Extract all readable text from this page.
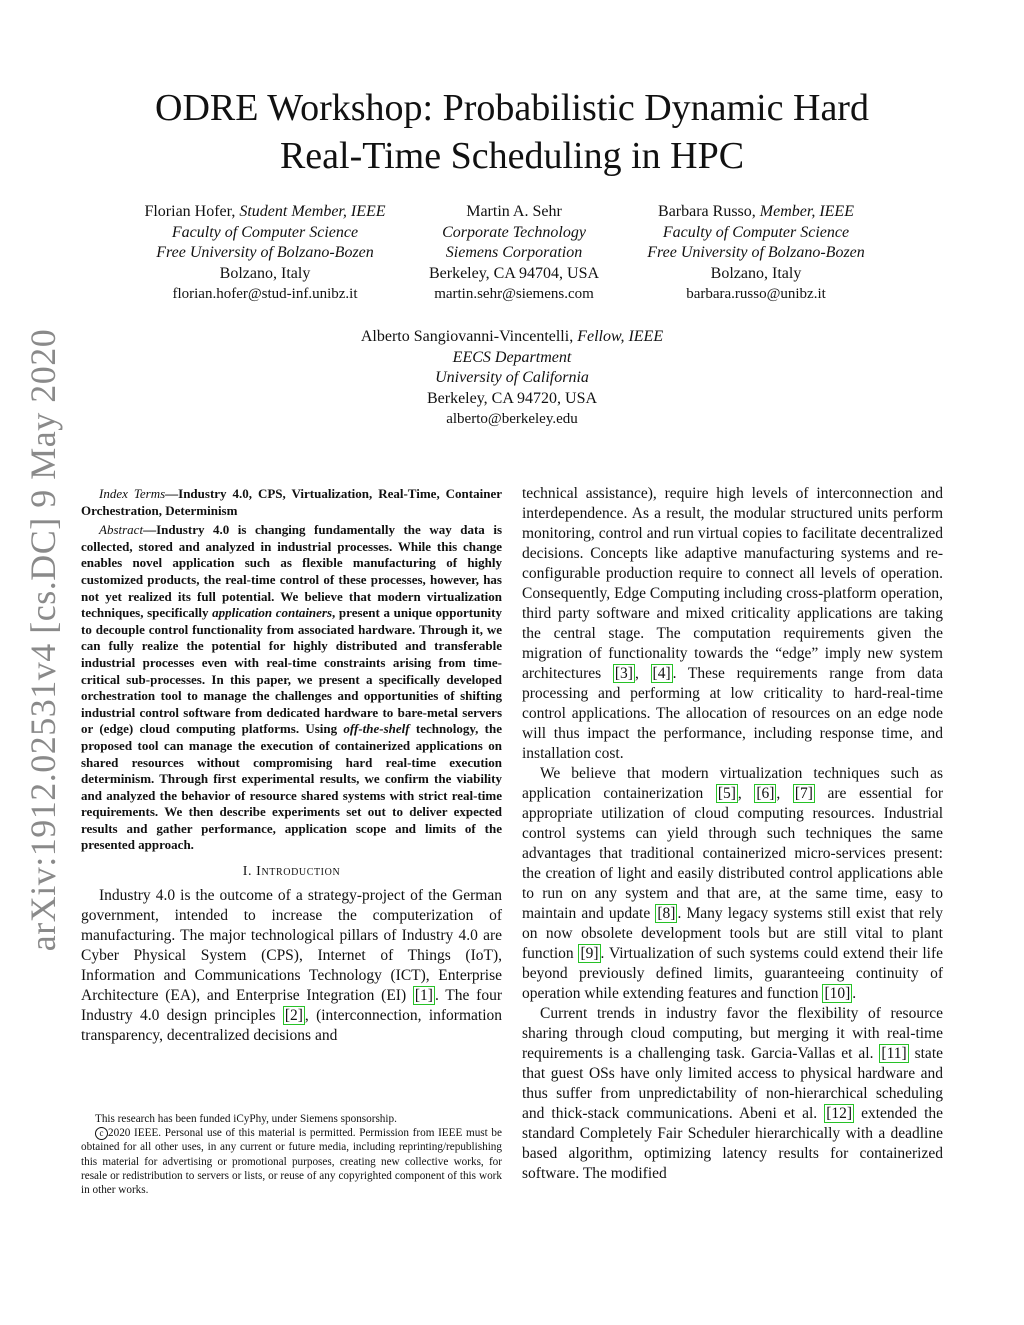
arXiv:1912.02531v4 [cs.DC] 9 May 2020
ODRE Workshop: Probabilistic Dynamic Hard
Real-Time Scheduling in HPC
Florian Hofer, Student Member, IEEE
Faculty of Computer Science
Free University of Bolzano-Bozen
Bolzano, Italy
florian.hofer@stud-inf.unibz.it
Martin A. Sehr
Corporate Technology
Siemens Corporation
Berkeley, CA 94704, USA
martin.sehr@siemens.com
Barbara Russo, Member, IEEE
Faculty of Computer Science
Free University of Bolzano-Bozen
Bolzano, Italy
barbara.russo@unibz.it
Alberto Sangiovanni-Vincentelli, Fellow, IEEE
EECS Department
University of California
Berkeley, CA 94720, USA
alberto@berkeley.edu

Index Terms—Industry 4.0, CPS, Virtualization, Real-Time, Container Orchestration, Determinism

Abstract—Industry 4.0 is changing fundamentally the way data is collected, stored and analyzed in industrial processes. While this change enables novel application such as flexible manufacturing of highly customized products, the real-time control of these processes, however, has not yet realized its full potential. We believe that modern virtualization techniques, specifically application containers, present a unique opportunity to decouple control functionality from associated hardware. Through it, we can fully realize the potential for highly distributed and transferable industrial processes even with real-time constraints arising from time-critical sub-processes. In this paper, we present a specifically developed orchestration tool to manage the challenges and opportunities of shifting industrial control software from dedicated hardware to bare-metal servers or (edge) cloud computing platforms. Using off-the-shelf technology, the proposed tool can manage the execution of containerized applications on shared resources without compromising hard real-time execution determinism. Through first experimental results, we confirm the viability and analyzed the behavior of resource shared systems with strict real-time requirements. We then describe experiments set out to deliver expected results and gather performance, application scope and limits of the presented approach.

I. Introduction

Industry 4.0 is the outcome of a strategy-project of the German government, intended to increase the computerization of manufacturing. The major technological pillars of Industry 4.0 are Cyber Physical System (CPS), Internet of Things (IoT), Information and Communications Technology (ICT), Enterprise Architecture (EA), and Enterprise Integration (EI) [1] . The four Industry 4.0 design principles [2] , (interconnection, information transparency, decentralized decisions and

This research has been funded iCyPhy, under Siemens sponsorship.

c 2020 IEEE. Personal use of this material is permitted. Permission from IEEE must be obtained for all other uses, in any current or future media, including reprinting/republishing this material for advertising or promotional purposes, creating new collective works, for resale or redistribution to servers or lists, or reuse of any copyrighted component of this work in other works.

technical assistance), require high levels of interconnection and interdependence. As a result, the modular structured units perform monitoring, control and run virtual copies to facilitate decentralized decisions. Concepts like adaptive manufacturing systems and re-configurable production require to connect all levels of operation. Consequently, Edge Computing including cross-platform operation, third party software and mixed criticality applications are taking the central stage. The computation requirements given the migration of functionality towards the “edge” imply new system architectures [3] , [4] . These requirements range from data processing and performing at low criticality to hard-real-time control applications. The allocation of resources on an edge node will thus impact the performance, including response time, and installation cost.

We believe that modern virtualization techniques such as application containerization [5] , [6] , [7] are essential for appropriate utilization of cloud computing resources. Industrial control systems can yield through such techniques the same advantages that traditional containerized micro-services present: the creation of light and easily distributed control applications able to run on any system and that are, at the same time, easy to maintain and update [8] . Many legacy systems still exist that rely on now obsolete development tools but are still vital to plant function [9] . Virtualization of such systems could extend their life beyond previously defined limits, guaranteeing continuity of operation while extending features and function [10] .

Current trends in industry favor the flexibility of resource sharing through cloud computing, but merging it with real-time requirements is a challenging task. Garcia-Vallas et al. [11] state that guest OSs have only limited access to physical hardware and thus suffer from unpredictability of non-hierarchical scheduling and thick-stack communications. Abeni et al. [12] extended the standard Completely Fair Scheduler hierarchically with a deadline based algorithm, optimizing latency results for containerized software. The modified
